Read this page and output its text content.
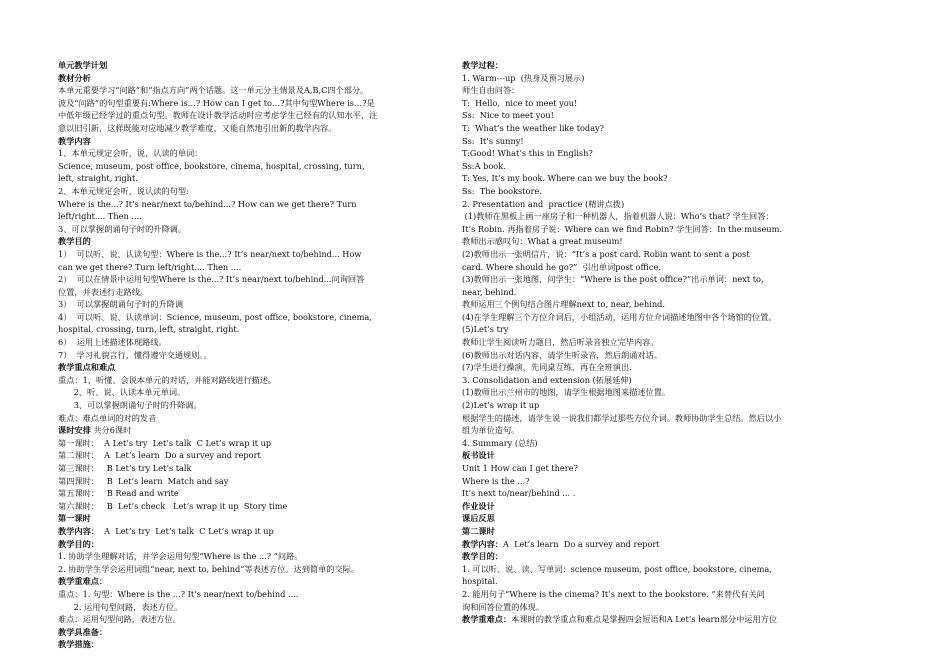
单元教学计划
教材分析
本单元重要学习“问路”和“指点方向”两个话题。这一单元分主情景及A,B,C四个部分。
波及“问路”的句型重要有:Where is…? How can I get to…?其中句型Where is…?是
中低年级已经学过的重点句型。教师在设计教学活动时应考虑学生已经有的认知水平，注
意以旧引新，这样既能对应地减少教学难度，又能自然地引出新的教学内容。
教学内容
1、本单元规定会听，说，认读的单词：
Science, museum, post office, bookstore, cinema, hospital, crossing, turn,
left, straight, right.
2、本单元规定会听，说认读的句型:
Where is the...? It’s near/next to/behind...? How can we get there? Turn
left/right.... Then ....
3、可以掌握朗诵句子时的升降调。
教学目的
1）  可以听、说、认读句型：Where is the...? It’s near/next to/behind... How
can we get there? Turn left/right.... Then ....
2）  可以在情景中运用句型Where is the...? It’s near/next to/behind...问询回答
位置，并表述行走路线。
3）  可以掌握朗诵句子时的升降调
4）  可以听、说、认读单词：Science, museum, post office, bookstore, cinema,
hospital, crossing, turn, left, straight, right.
6）  运用上述描述体现路线。
7）  学习礼貌言行，懂得遵守交通规则。。
教学重点和难点
重点：1、听懂、会说本单元的对话，并能对路线进行描述。
2、听、说、认读本单元单词。
3、可以掌握朗诵句子时的升降调。
难点：难点单词的对的发音
课时安排 共分6课时
第一课时：  A Let’s try  Let’s talk  C Let’s wrap it up
第二课时：  A  Let’s learn  Do a survey and report
第三课时：   B Let’s try Let’s talk
第四课时：   B  Let’s learn  Match and say
第五课时：   B Read and write
第六课时：   B  Let’s check   Let’s wrap it up  Story time
第一课时
教学内容：  A  Let’s try  Let’s talk  C Let’s wrap it up
教学目的：
1. 协助学生理解对话，并学会运用句型“Where is the ...? ”问路。
2. 协助学生学会运用词组“near, next to, behind”等表述方位。达到简单的交际。
教学重难点：
重点：1. 句型：Where is the ...? It’s near/next to/behind ....
2. 运用句型问路，表述方位。
难点：运用句型问路，表述方位。
教学具准备：
教学措施：
教学过程：
1. Warm---up  (热身及预习展示)
师生自由问答：
T:  Hello,  nice to meet you!
Ss:  Nice to meet you!
T:  What’s the weather like today?
Ss:  It’s sunny!
T:Good! What’s this in English?
Ss:A book.
T: Yes, It’s my book. Where can we buy the book?
Ss:  The bookstore.
2. Presentation and  practice (精讲点拨)
(1)教师在黑板上画一座房子和一种机器人，指着机器人说：Who’s that? 学生回答：
It’s Robin. 再指着房子说：Where can we find Robin? 学生回答：In the museum.
教师出示感叹句：What a great museum!
(2)教师出示一张明信片，说：“It’s a post card. Robin want to sent a post
card. Where should he go?”  引出单词post office.
(3)教师出示一张地图，问学生：“Where is the post office?”出示单词：next to,
near, behind.
教师运用三个例句结合图片理解next to, near, behind.
(4)在学生理解三个方位介词后，小组活动，运用方位介词描述地图中各个场馆的位置。
(5)Let’s try
教师让学生阅读听力题目，然后听录音独立完毕内容。
(6)教师出示对话内容，请学生听录音，然后朗诵对话。
(7)学生进行操演，先同桌互练，再在全班演出.
3. Consolidation and extension (拓展延伸)
(1)教师出示兰州市的地图，请学生根据地图来描述位置。
(2)Let’s wrap it up
根据学生的描述，请学生说一说我们都学过那些方位介词。教师协助学生总结。然后以小
组为单位造句。
4. Summary (总结)
板书设计
Unit 1 How can I get there?
Where is the ...?
It’s next to/near/behind ... .
作业设计
课后反思
第二课时
教学内容：A  Let’s learn  Do a survey and report
教学目的：
1. 可以听、说、读、写单词：science museum, post office, bookstore, cinema,
hospital.
2. 能用句子“Where is the cinema? It’s next to the bookstore. ”来替代有关问
询和回答位置的体现。
教学重难点：本课时的教学重点和难点是掌握四会短语和A Let’s learn部分中运用方位
